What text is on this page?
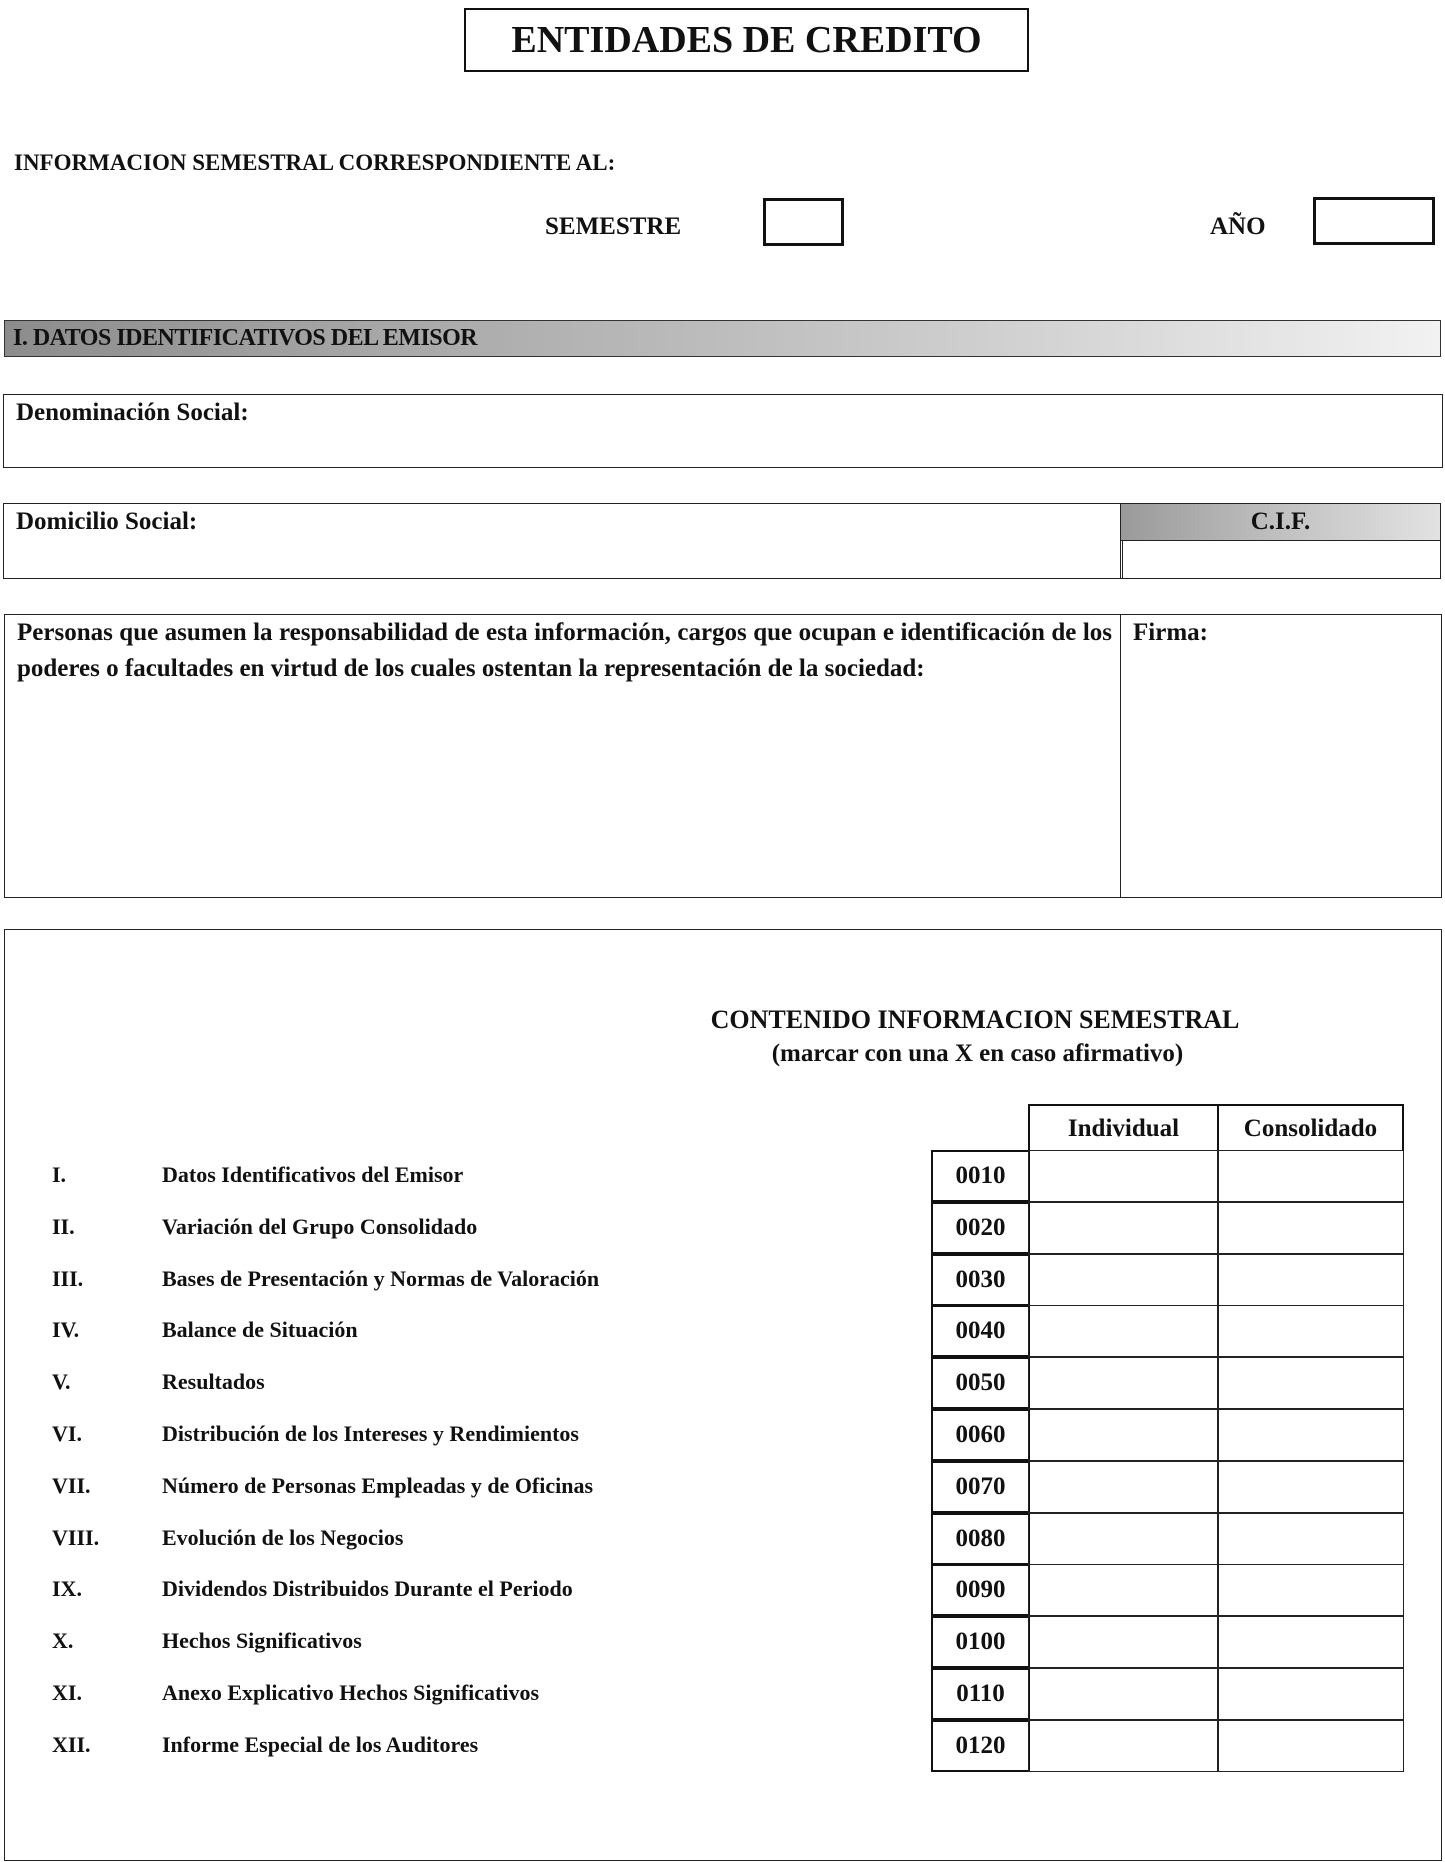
ENTIDADES DE CREDITO
INFORMACION SEMESTRAL CORRESPONDIENTE AL:
SEMESTRE	AÑO
I. DATOS IDENTIFICATIVOS DEL EMISOR
Denominación Social:
Domicilio Social:	C.I.F.
Personas que asumen la responsabilidad de esta información, cargos que ocupan e identificación de los poderes o facultades en virtud de los cuales ostentan la representación de la sociedad:
Firma:
CONTENIDO INFORMACION SEMESTRAL
(marcar con una X en caso afirmativo)
Individual	Consolidado
I.	Datos Identificativos del Emisor	0010
II.	Variación del Grupo Consolidado	0020
III.	Bases de Presentación y Normas de Valoración	0030
IV.	Balance de Situación	0040
V.	Resultados	0050
VI.	Distribución de los Intereses y Rendimientos	0060
VII.	Número de Personas Empleadas y de Oficinas	0070
VIII.	Evolución de los Negocios	0080
IX.	Dividendos Distribuidos Durante el Periodo	0090
X.	Hechos Significativos	0100
XI.	Anexo Explicativo Hechos Significativos	0110
XII.	Informe Especial de los Auditores	0120
